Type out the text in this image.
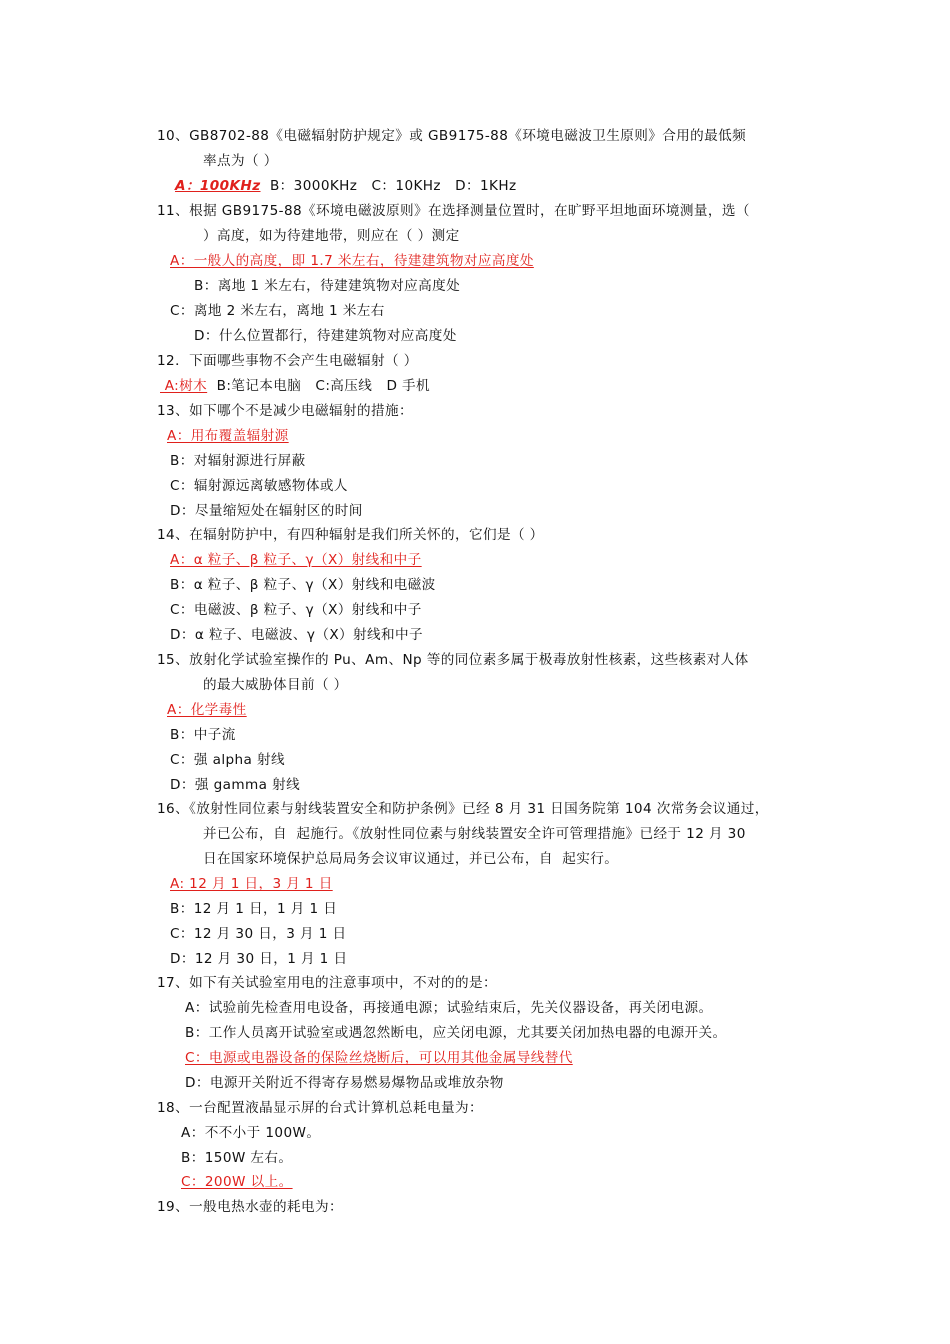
10、GB8702-88《电磁辐射防护规定》或 GB9175-88《环境电磁波卫生原则》合用的最低频
率点为（ ）
A：100KHz  B：3000KHz   C：10KHz   D：1KHz
11、根据 GB9175-88《环境电磁波原则》在选择测量位置时，在旷野平坦地面环境测量，选（
）高度，如为待建地带，则应在（ ）测定
A：一般人的高度，即 1.7 米左右，待建建筑物对应高度处
B：离地 1 米左右，待建建筑物对应高度处
C：离地 2 米左右，离地 1 米左右
D：什么位置都行，待建建筑物对应高度处
12．下面哪些事物不会产生电磁辐射（ ）
A:树木  B:笔记本电脑   C:高压线   D 手机
13、如下哪个不是减少电磁辐射的措施：
A：用布覆盖辐射源
B：对辐射源进行屏蔽
C：辐射源远离敏感物体或人
D：尽量缩短处在辐射区的时间
14、在辐射防护中，有四种辐射是我们所关怀的，它们是（ ）
A：α 粒子、β 粒子、γ（X）射线和中子
B：α 粒子、β 粒子、γ（X）射线和电磁波
C：电磁波、β 粒子、γ（X）射线和中子
D：α 粒子、电磁波、γ（X）射线和中子
15、放射化学试验室操作的 Pu、Am、Np 等的同位素多属于极毒放射性核素，这些核素对人体
的最大威胁体目前（ ）
A：化学毒性
B：中子流
C：强 alpha 射线
D：强 gamma 射线
16、《放射性同位素与射线装置安全和防护条例》已经 8 月 31 日国务院第 104 次常务会议通过，
并已公布，自  起施行。《放射性同位素与射线装置安全许可管理措施》已经于 12 月 30
日在国家环境保护总局局务会议审议通过，并已公布，自  起实行。
A: 12 月 1 日，3 月 1 日
B：12 月 1 日，1 月 1 日
C：12 月 30 日，3 月 1 日
D：12 月 30 日，1 月 1 日
17、如下有关试验室用电的注意事项中，不对的的是：
A：试验前先检查用电设备，再接通电源；试验结束后，先关仪器设备，再关闭电源。
B：工作人员离开试验室或遇忽然断电，应关闭电源，尤其要关闭加热电器的电源开关。
C：电源或电器设备的保险丝烧断后，可以用其他金属导线替代
D：电源开关附近不得寄存易燃易爆物品或堆放杂物
18、一台配置液晶显示屏的台式计算机总耗电量为：
A：不不小于 100W。
B：150W 左右。
C：200W 以上。
19、一般电热水壶的耗电为：
